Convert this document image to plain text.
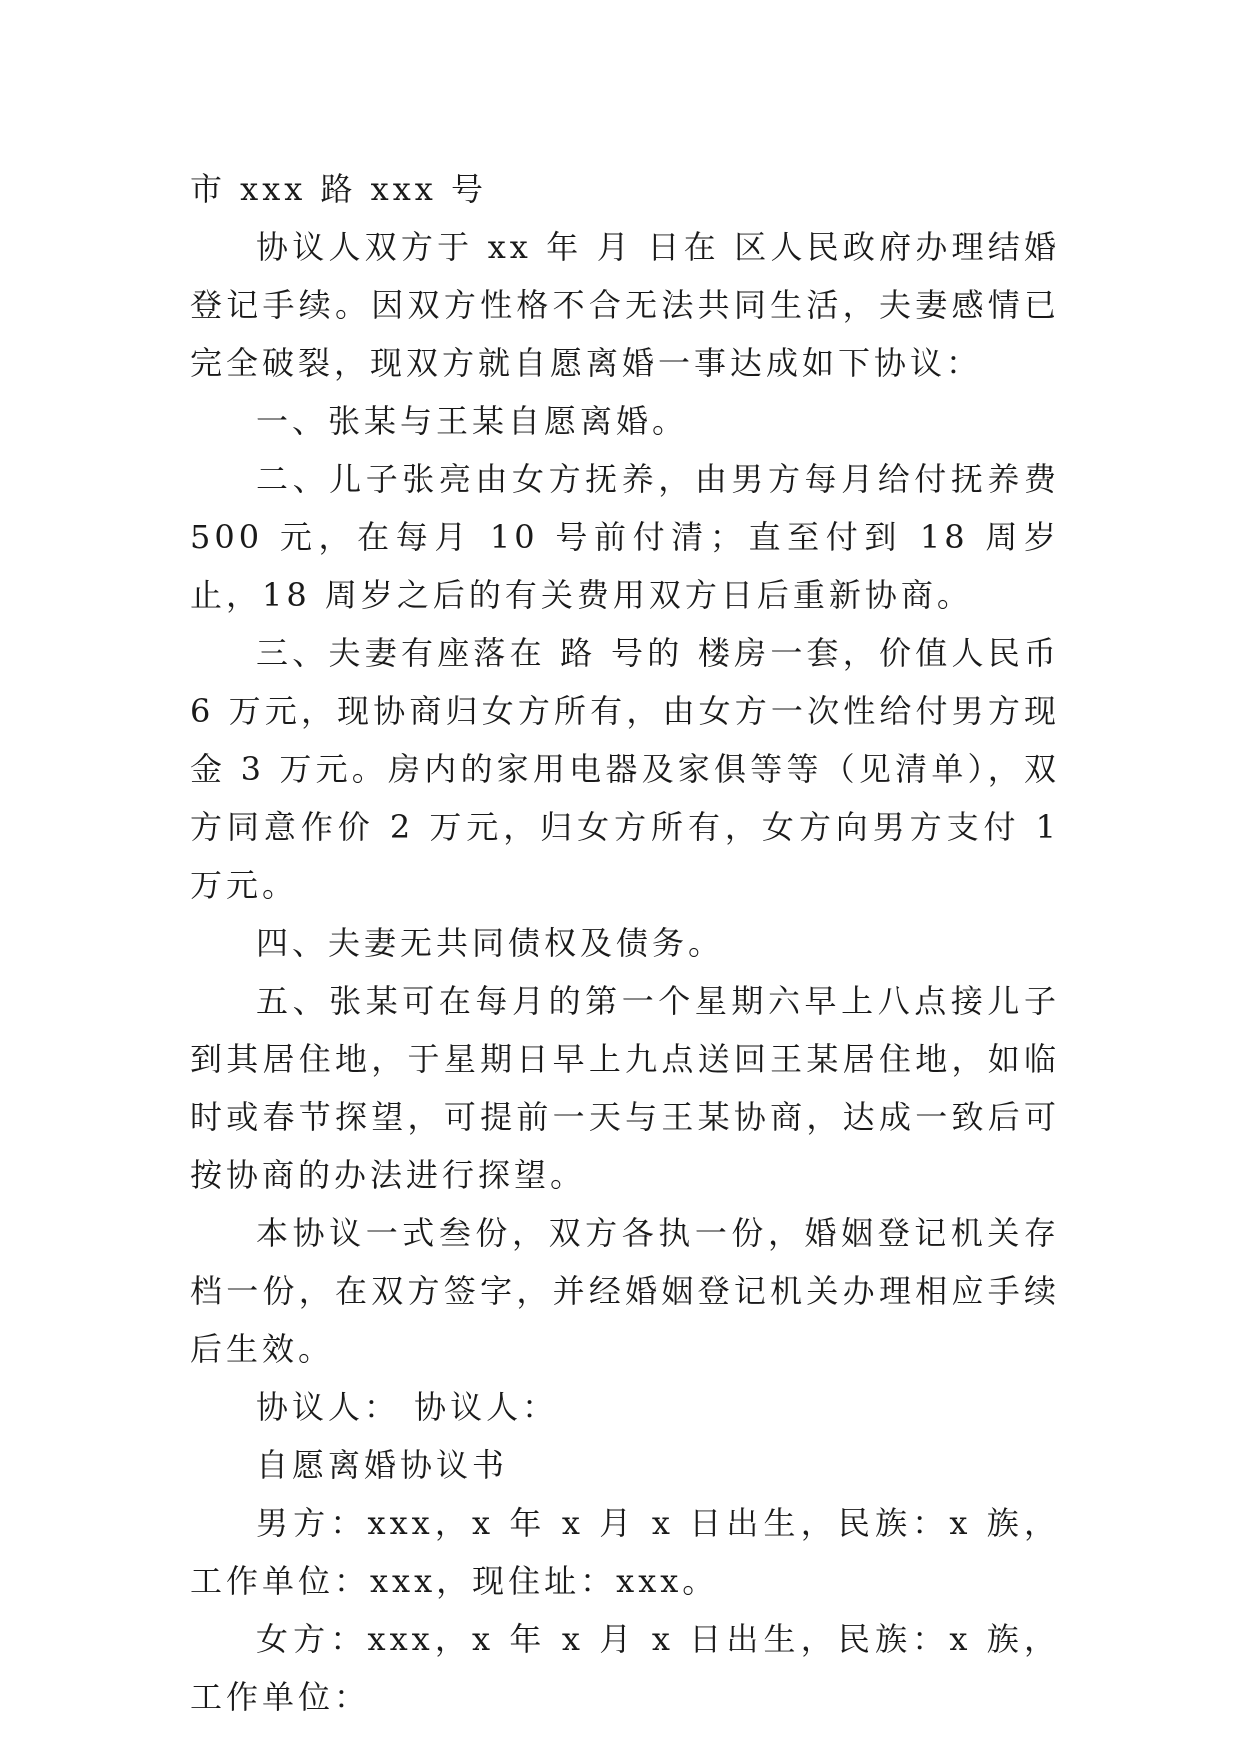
市 xxx 路 xxx 号

协议人双方于 xx 年 月 日在 区人民政府办理结婚登记手续。因双方性格不合无法共同生活，夫妻感情已完全破裂，现双方就自愿离婚一事达成如下协议：

一、张某与王某自愿离婚。

二、儿子张亮由女方抚养，由男方每月给付抚养费 500 元，在每月 10 号前付清；直至付到 18 周岁止，18 周岁之后的有关费用双方日后重新协商。

三、夫妻有座落在 路 号的 楼房一套，价值人民币 6 万元，现协商归女方所有，由女方一次性给付男方现金 3 万元。房内的家用电器及家俱等等（见清单），双方同意作价 2 万元，归女方所有，女方向男方支付 1 万元。

四、夫妻无共同债权及债务。

五、张某可在每月的第一个星期六早上八点接儿子到其居住地，于星期日早上九点送回王某居住地，如临时或春节探望，可提前一天与王某协商，达成一致后可按协商的办法进行探望。

本协议一式叁份，双方各执一份，婚姻登记机关存档一份，在双方签字，并经婚姻登记机关办理相应手续后生效。

协议人： 协议人：

自愿离婚协议书

男方：xxx，x 年 x 月 x 日出生，民族：x 族，工作单位：xxx，现住址：xxx。

女方：xxx，x 年 x 月 x 日出生，民族：x 族，工作单位：
